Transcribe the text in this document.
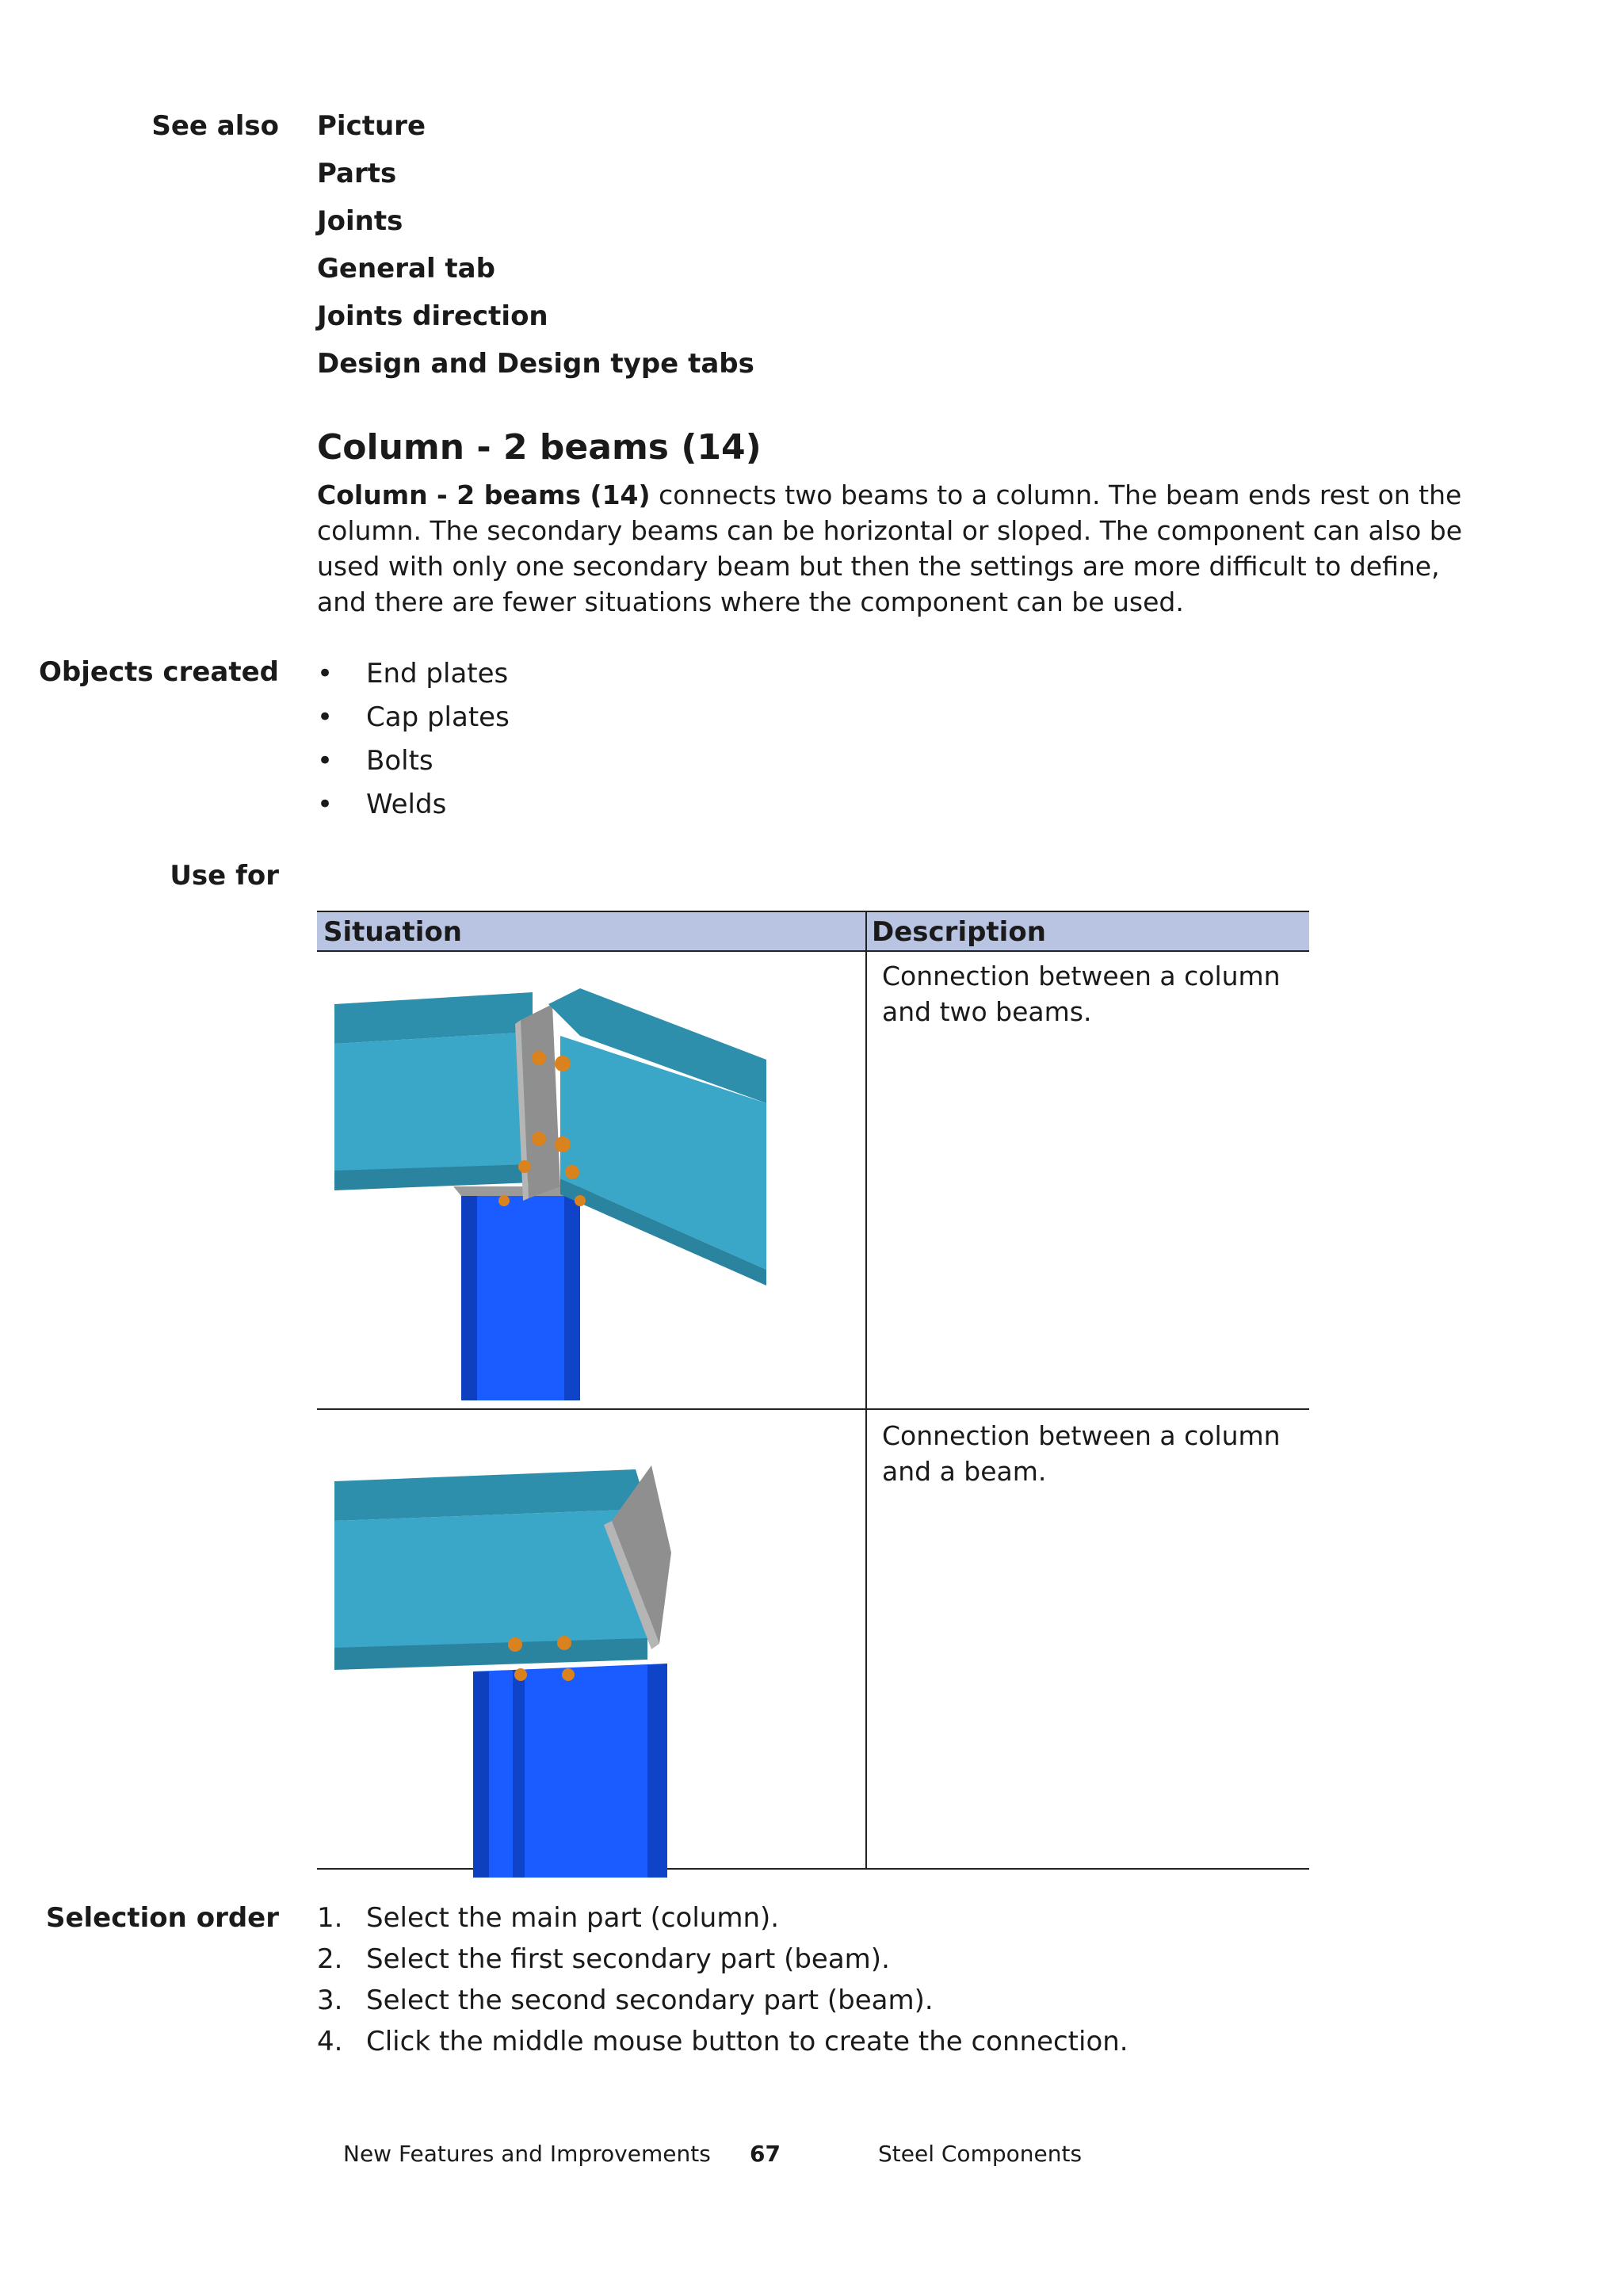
See also Picture
Parts
Joints
General tab
Joints direction
Design and Design type tabs
Column - 2 beams (14)
Column - 2 beams (14) connects two beams to a column. The beam ends rest on the column. The secondary beams can be horizontal or sloped. The component can also be used with only one secondary beam but then the settings are more difficult to define, and there are fewer situations where the component can be used.
Objects created • End plates
• Cap plates
• Bolts
• Welds
Use for
Situation	Description
Connection between a column and two beams.
Connection between a column and a beam.
Selection order 1. Select the main part (column).
2. Select the first secondary part (beam).
3. Select the second secondary part (beam).
4. Click the middle mouse button to create the connection.
New Features and Improvements 67	Steel Components
